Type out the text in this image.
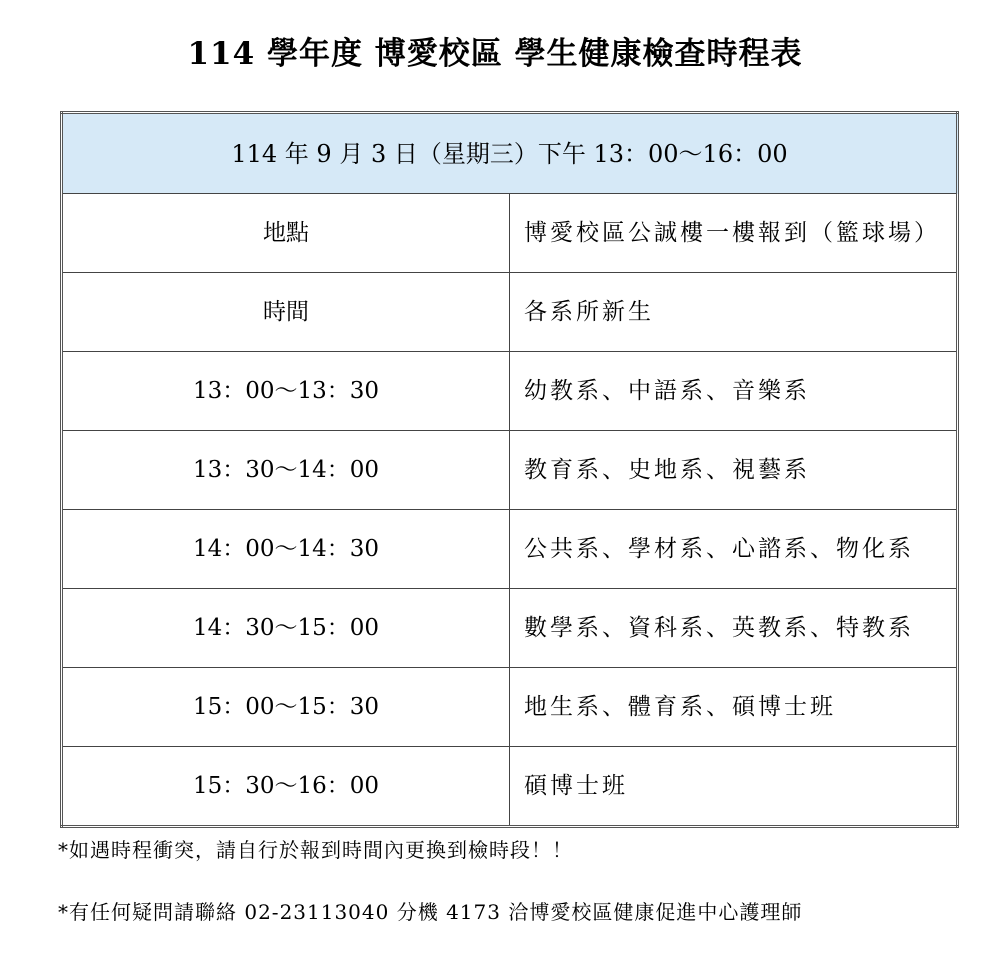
114 學年度 博愛校區 學生健康檢查時程表
114 年 9 月 3 日（星期三）下午 13：00～16：00	
地點	博愛校區公誠樓一樓報到（籃球場）
時間	各系所新生
13：00～13：30	幼教系、中語系、音樂系
13：30～14：00	教育系、史地系、視藝系
14：00～14：30	公共系、學材系、心諮系、物化系
14：30～15：00	數學系、資科系、英教系、特教系
15：00～15：30	地生系、體育系、碩博士班
15：30～16：00	碩博士班
*如遇時程衝突，請自行於報到時間內更換到檢時段！！
*有任何疑問請聯絡 02-23113040 分機 4173 洽博愛校區健康促進中心護理師
